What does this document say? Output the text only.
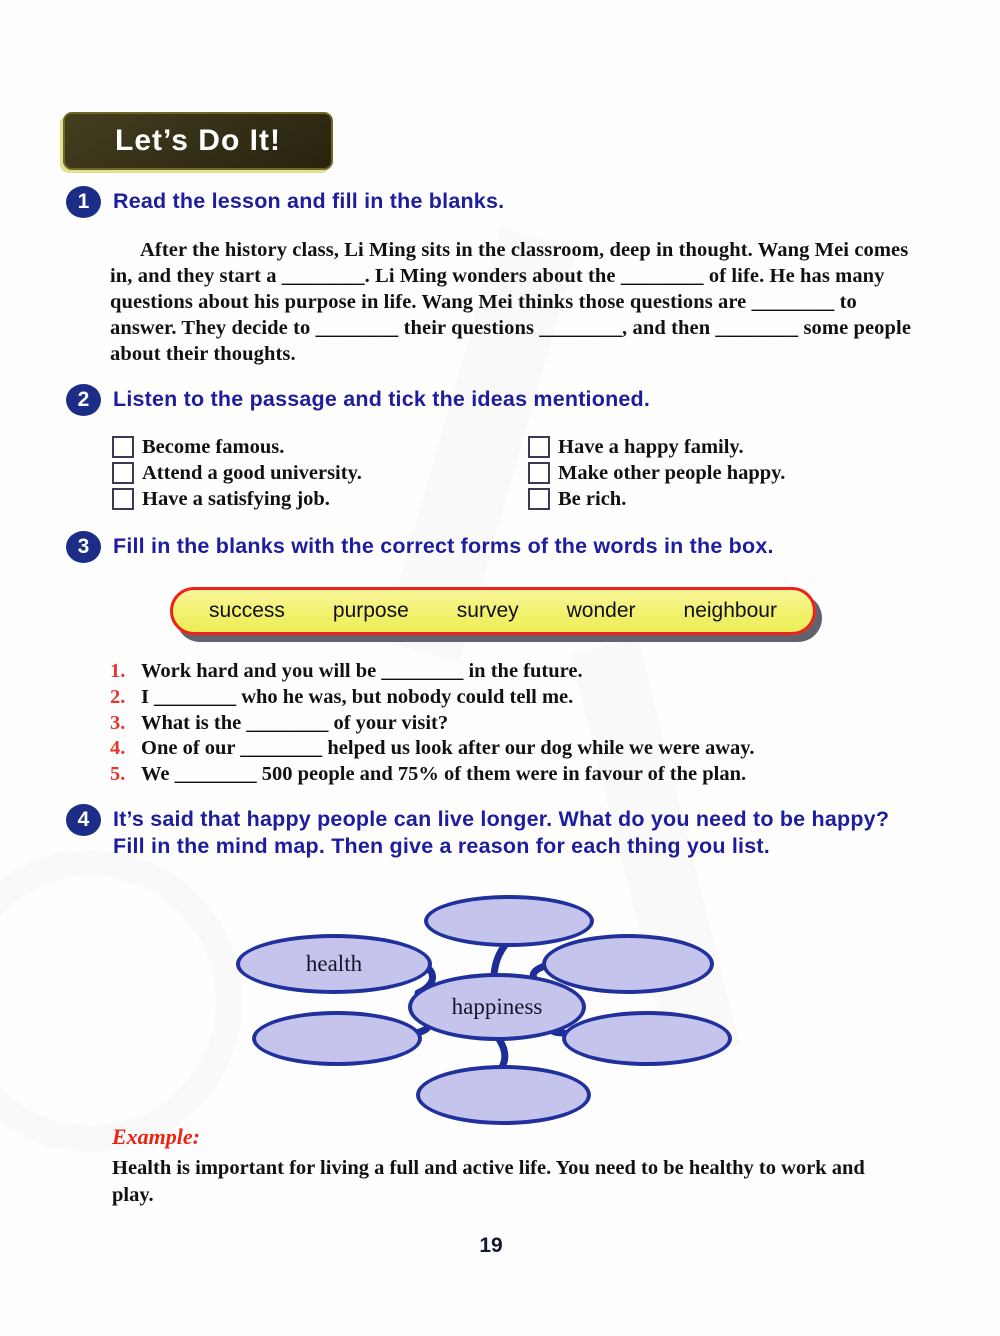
Let’s Do It!
1	Read the lesson and fill in the blanks.

After the history class, Li Ming sits in the classroom, deep in thought. Wang Mei comes in, and they start a ________. Li Ming wonders about the ________ of life. He has many questions about his purpose in life. Wang Mei thinks those questions are ________ to answer. They decide to ________ their questions ________, and then ________ some people about their thoughts.

2	Listen to the passage and tick the ideas mentioned.
Become famous.
Attend a good university.
Have a satisfying job.
Have a happy family.
Make other people happy.
Be rich.
3	Fill in the blanks with the correct forms of the words in the box.
success purpose survey wonder neighbour
1. Work hard and you will be ________ in the future.
2. I ________ who he was, but nobody could tell me.
3. What is the ________ of your visit?
4. One of our ________ helped us look after our dog while we were away.
5. We ________ 500 people and 75% of them were in favour of the plan.
4	It’s said that happy people can live longer. What do you need to be happy? Fill in the mind map. Then give a reason for each thing you list.
health
happiness
Example:
Health is important for living a full and active life. You need to be healthy to work and play.
19
